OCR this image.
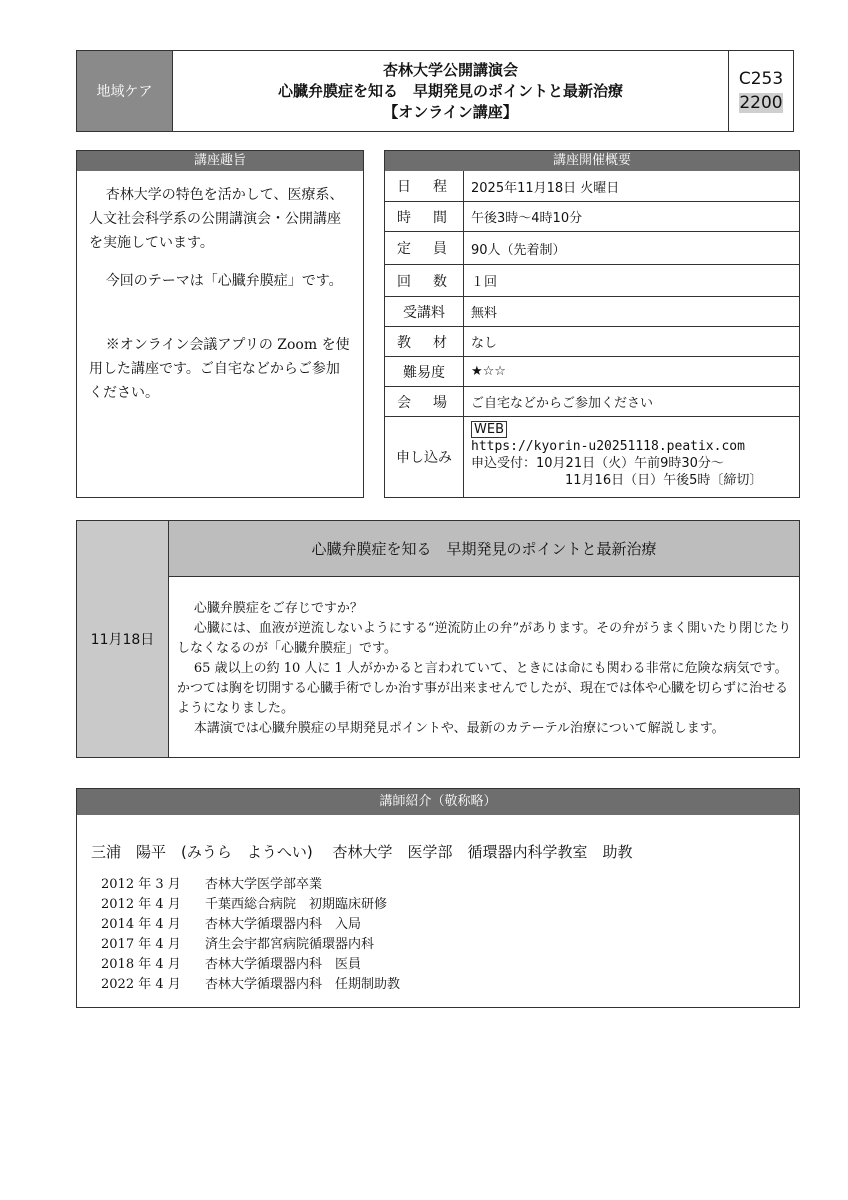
地域ケア
杏林大学公開講演会
心臓弁膜症を知る　早期発見のポイントと最新治療
【オンライン講座】
C253
2200
講座趣旨

杏林大学の特色を活かして、医療系、人文社会科学系の公開講演会・公開講座を実施しています。

今回のテーマは「心臓弁膜症」です。

※オンライン会議アプリの Zoom を使用した講座です。ご自宅などからご参加ください。

講座開催概要
日　程	2025年11月18日 火曜日
時　間	午後3時～4時10分
定　員	90人（先着制）
回　数	１回
受講料	無料
教　材	なし
難易度	★☆☆
会　場	ご自宅などからご参加ください
申し込み
WEB
https://kyorin-u20251118.peatix.com
申込受付：10月21日（火）午前9時30分～
11月16日（日）午後5時〔締切〕
11月18日
心臓弁膜症を知る　早期発見のポイントと最新治療

心臓弁膜症をご存じですか？

心臓には、血液が逆流しないようにする“逆流防止の弁”があります。その弁がうまく開いたり閉じたりしなくなるのが「心臓弁膜症」です。

65 歳以上の約 10 人に 1 人がかかると言われていて、ときには命にも関わる非常に危険な病気です。かつては胸を切開する心臓手術でしか治す事が出来ませんでしたが、現在では体や心臓を切らずに治せるようになりました。

本講演では心臓弁膜症の早期発見ポイントや、最新のカテーテル治療について解説します。

講師紹介（敬称略）
三浦　陽平　(みうら　ようへい)　 杏林大学　医学部　循環器内科学教室　助教
2012 年 3 月	杏林大学医学部卒業
2012 年 4 月	千葉西総合病院　初期臨床研修
2014 年 4 月	杏林大学循環器内科　入局
2017 年 4 月	済生会宇都宮病院循環器内科
2018 年 4 月	杏林大学循環器内科　医員
2022 年 4 月	杏林大学循環器内科　任期制助教
